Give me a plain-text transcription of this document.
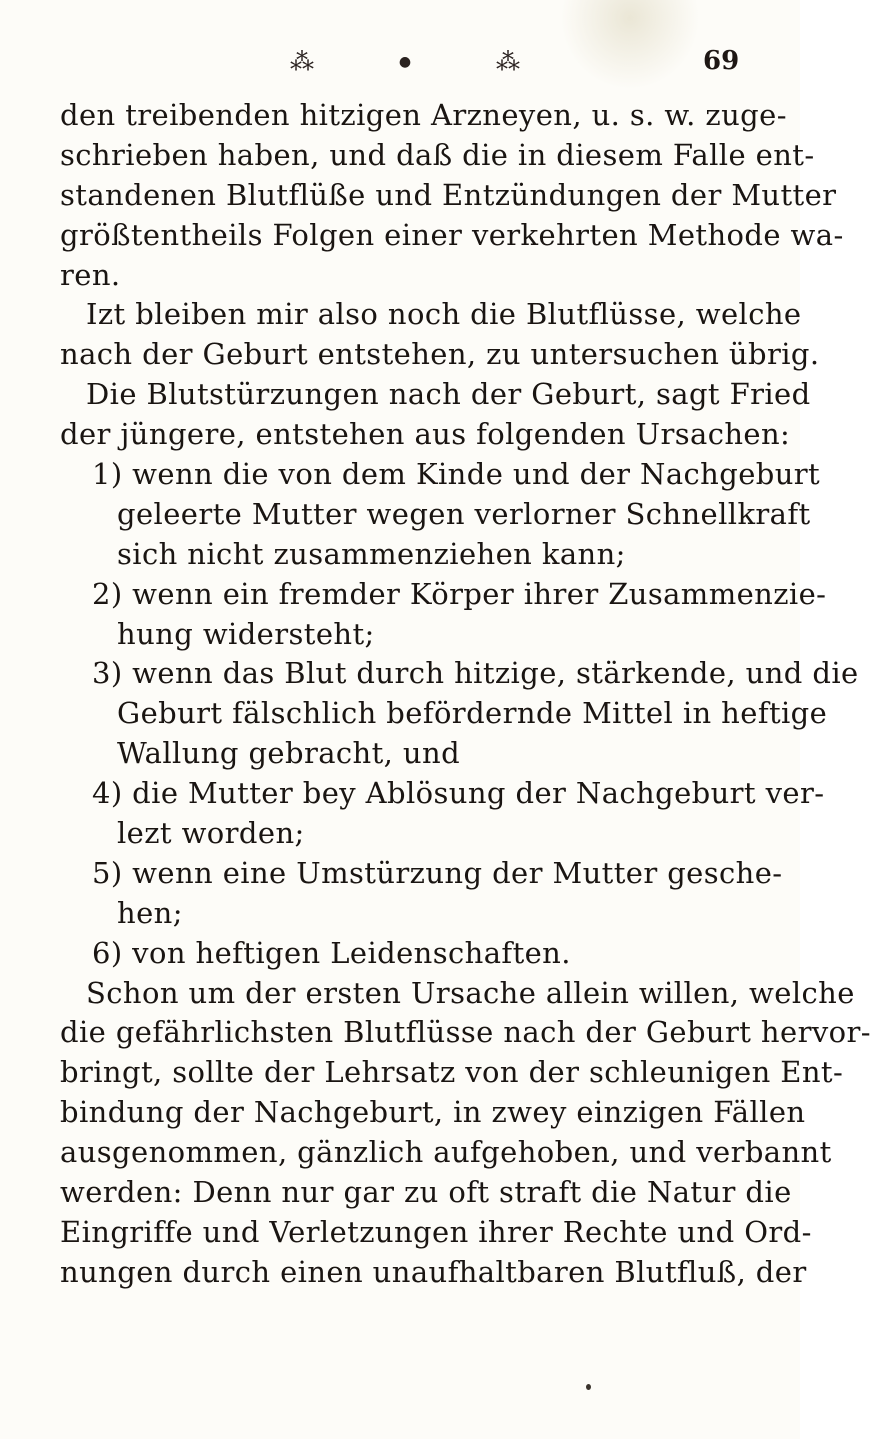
⁂	●	⁂	69
den treibenden hitzigen Arzneyen, u. s. w. zuge-
schrieben haben, und daß die in diesem Falle ent-
standenen Blutflüße und Entzündungen der Mutter
größtentheils Folgen einer verkehrten Methode wa-
ren.
Izt bleiben mir also noch die Blutflüsse, welche
nach der Geburt entstehen, zu untersuchen übrig.
Die Blutstürzungen nach der Geburt, sagt Fried
der jüngere, entstehen aus folgenden Ursachen:
1) wenn die von dem Kinde und der Nachgeburt
geleerte Mutter wegen verlorner Schnellkraft
sich nicht zusammenziehen kann;
2) wenn ein fremder Körper ihrer Zusammenzie-
hung widersteht;
3) wenn das Blut durch hitzige, stärkende, und die
Geburt fälschlich befördernde Mittel in heftige
Wallung gebracht, und
4) die Mutter bey Ablösung der Nachgeburt ver-
lezt worden;
5) wenn eine Umstürzung der Mutter gesche-
hen;
6) von heftigen Leidenschaften.
Schon um der ersten Ursache allein willen, welche
die gefährlichsten Blutflüsse nach der Geburt hervor-
bringt, sollte der Lehrsatz von der schleunigen Ent-
bindung der Nachgeburt, in zwey einzigen Fällen
ausgenommen, gänzlich aufgehoben, und verbannt
werden: Denn nur gar zu oft straft die Natur die
Eingriffe und Verletzungen ihrer Rechte und Ord-
nungen durch einen unaufhaltbaren Blutfluß, der
